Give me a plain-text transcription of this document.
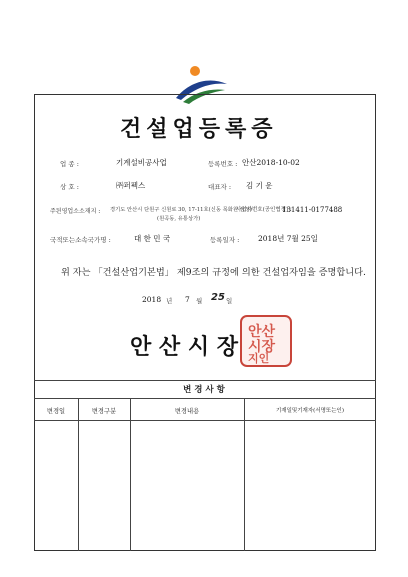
건설업등록증
업 종 :	기계설비공사업	등록번호 : 안산2018-10-02
상 호 :	㈜퍼펙스	대표자 : 김 기 운
주된영업소소재지 : 경기도 안산시 단원구 신원로 30, 17-11호(신동 목화원 삼성)
사업자번호(공인협정) :
131411-0177488
(원곡동, 유통상가)
국적또는소속국가명 :	대 한 민 국	등록일자 : 2018년 7월 25일
위 자는 「건설산업기본법」 제9조의 규정에 의한 건설업자임을 증명합니다.
2018 년 7 월 25 일
안산
시장
지인
안 산 시 장
변 경 사 항
변경일	변경구분	변경내용	기재일및기재자(서명또는인)
